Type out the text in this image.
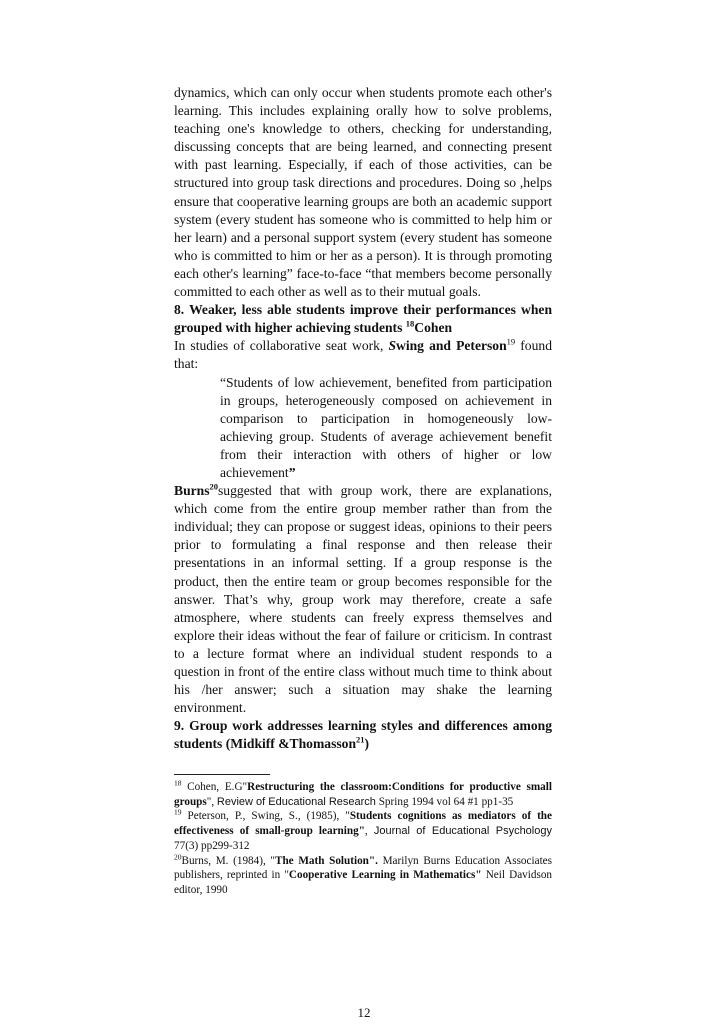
dynamics, which can only occur when students promote each other's learning. This includes explaining orally how to solve problems, teaching one's knowledge to others, checking for understanding, discussing concepts that are being learned, and connecting present with past learning. Especially, if each of those activities, can be structured into group task directions and procedures. Doing so ,helps ensure that cooperative learning groups are both an academic support system (every student has someone who is committed to help him or her learn) and a personal support system (every student has someone who is committed to him or her as a person). It is through promoting each other's learning” face-to-face “that members become personally committed to each other as well as to their mutual goals.

8. Weaker, less able students improve their performances when grouped with higher achieving students $^{18}$Cohen

In studies of collaborative seat work, Swing and Peterson$^{19}$ found that:

“Students of low achievement, benefited from participation in groups, heterogeneously composed on achievement in comparison to participation in homogeneously low-achieving group. Students of average achievement benefit from their interaction with others of higher or low achievement”

Burns$^{20}$suggested that with group work, there are explanations, which come from the entire group member rather than from the individual; they can propose or suggest ideas, opinions to their peers prior to formulating a final response and then release their presentations in an informal setting. If a group response is the product, then the entire team or group becomes responsible for the answer. That’s why, group work may therefore, create a safe atmosphere, where students can freely express themselves and explore their ideas without the fear of failure or criticism. In contrast to a lecture format where an individual student responds to a question in front of the entire class without much time to think about his /her answer; such a situation may shake the learning environment.

9. Group work addresses learning styles and differences among students (Midkiff &Thomasson$^{21}$)

$^{18}$ Cohen, E.G"Restructuring the classroom:Conditions for productive small groups", Review of Educational Research Spring 1994 vol 64 #1 pp1-35

$^{19}$ Peterson, P., Swing, S., (1985), "Students cognitions as mediators of the effectiveness of small-group learning", Journal of Educational Psychology 77(3) pp299-312

$^{20}$Burns, M. (1984), "The Math Solution". Marilyn Burns Education Associates publishers, reprinted in "Cooperative Learning in Mathematics" Neil Davidson editor, 1990

12
